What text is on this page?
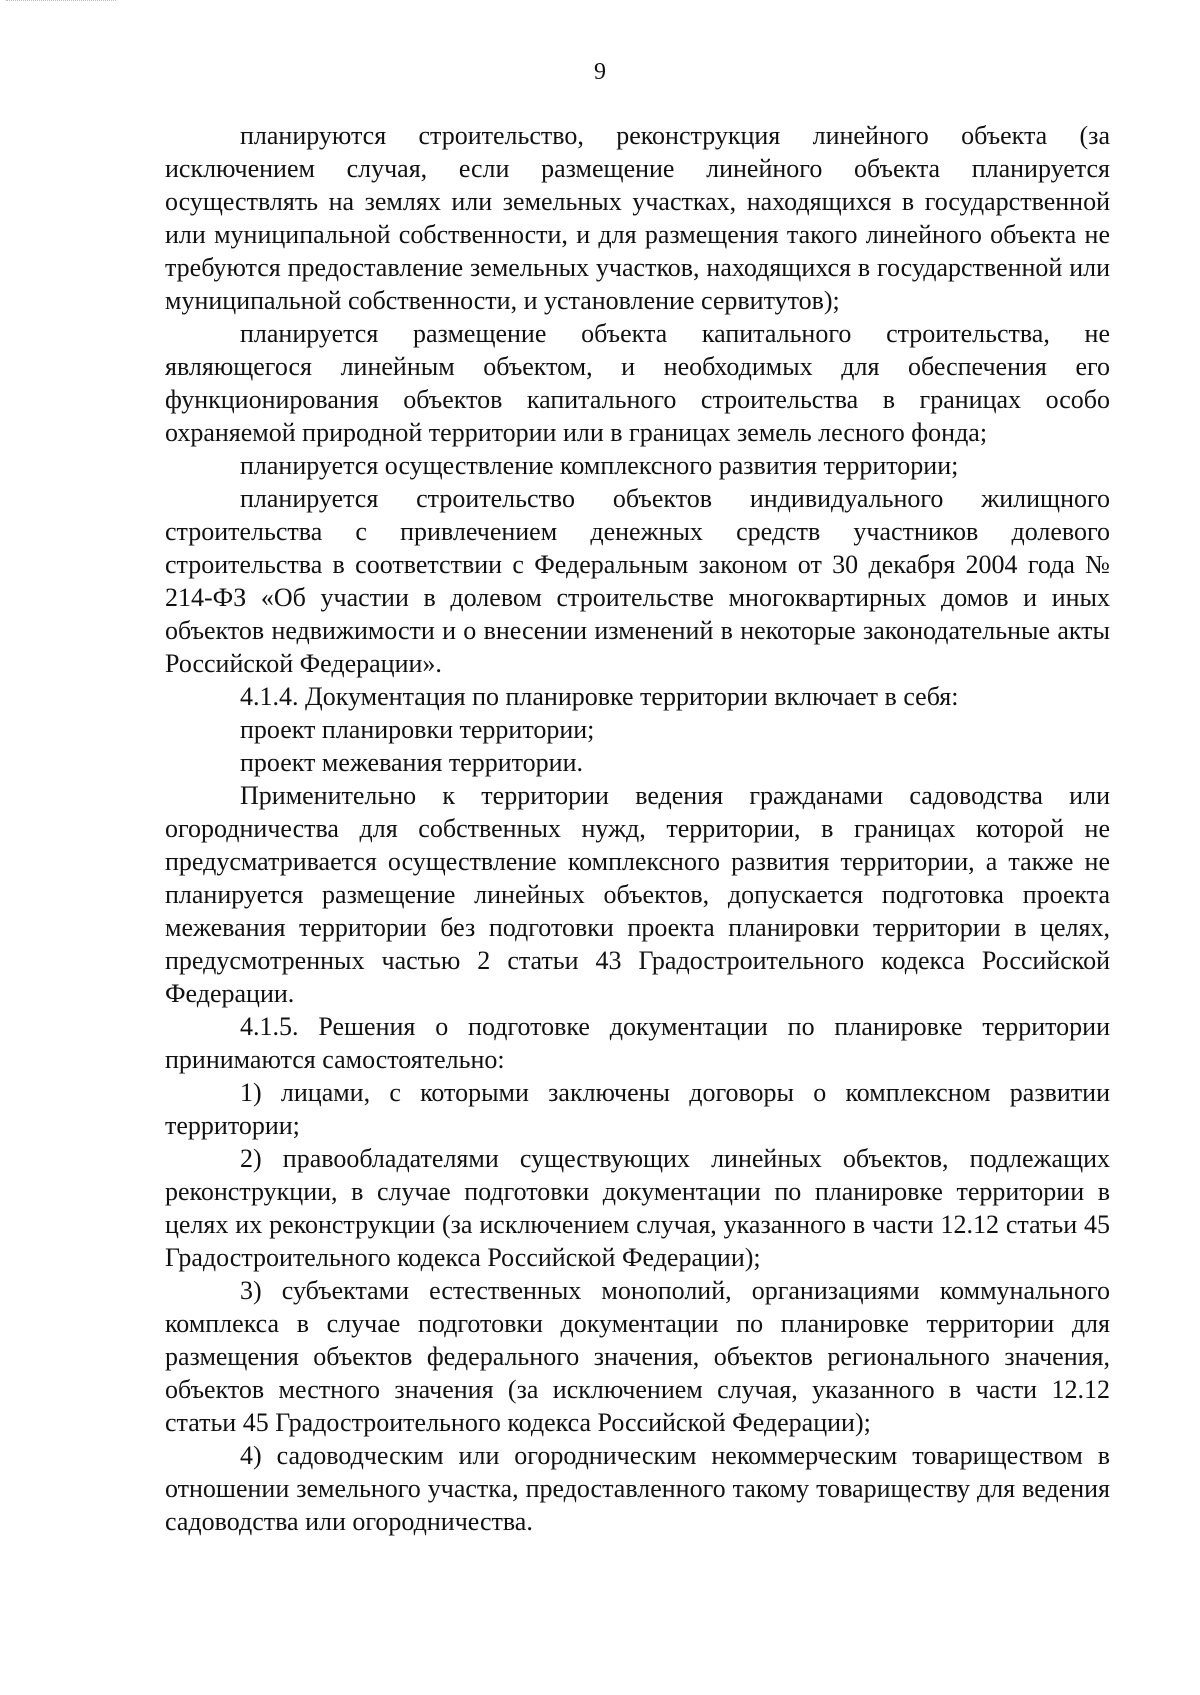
9

планируются строительство, реконструкция линейного объекта (за исключением случая, если размещение линейного объекта планируется осуществлять на землях или земельных участках, находящихся в государственной или муниципальной собственности, и для размещения такого линейного объекта не требуются предоставление земельных участков, находящихся в государственной или муниципальной собственности, и установление сервитутов);

планируется размещение объекта капитального строительства, не являющегося линейным объектом, и необходимых для обеспечения его функционирования объектов капитального строительства в границах особо охраняемой природной территории или в границах земель лесного фонда;

планируется осуществление комплексного развития территории;

планируется строительство объектов индивидуального жилищного строительства с привлечением денежных средств участников долевого строительства в соответствии с Федеральным законом от 30 декабря 2004 года № 214-ФЗ «Об участии в долевом строительстве многоквартирных домов и иных объектов недвижимости и о внесении изменений в некоторые законодательные акты Российской Федерации».

4.1.4. Документация по планировке территории включает в себя:

проект планировки территории;

проект межевания территории.

Применительно к территории ведения гражданами садоводства или огородничества для собственных нужд, территории, в границах которой не предусматривается осуществление комплексного развития территории, а также не планируется размещение линейных объектов, допускается подготовка проекта межевания территории без подготовки проекта планировки территории в целях, предусмотренных частью 2 статьи 43 Градостроительного кодекса Российской Федерации.

4.1.5. Решения о подготовке документации по планировке территории принимаются самостоятельно:

1) лицами, с которыми заключены договоры о комплексном развитии территории;

2) правообладателями существующих линейных объектов, подлежащих реконструкции, в случае подготовки документации по планировке территории в целях их реконструкции (за исключением случая, указанного в части 12.12 статьи 45 Градостроительного кодекса Российской Федерации);

3) субъектами естественных монополий, организациями коммунального комплекса в случае подготовки документации по планировке территории для размещения объектов федерального значения, объектов регионального значения, объектов местного значения (за исключением случая, указанного в части 12.12 статьи 45 Градостроительного кодекса Российской Федерации);

4) садоводческим или огородническим некоммерческим товариществом в отношении земельного участка, предоставленного такому товариществу для ведения садоводства или огородничества.
